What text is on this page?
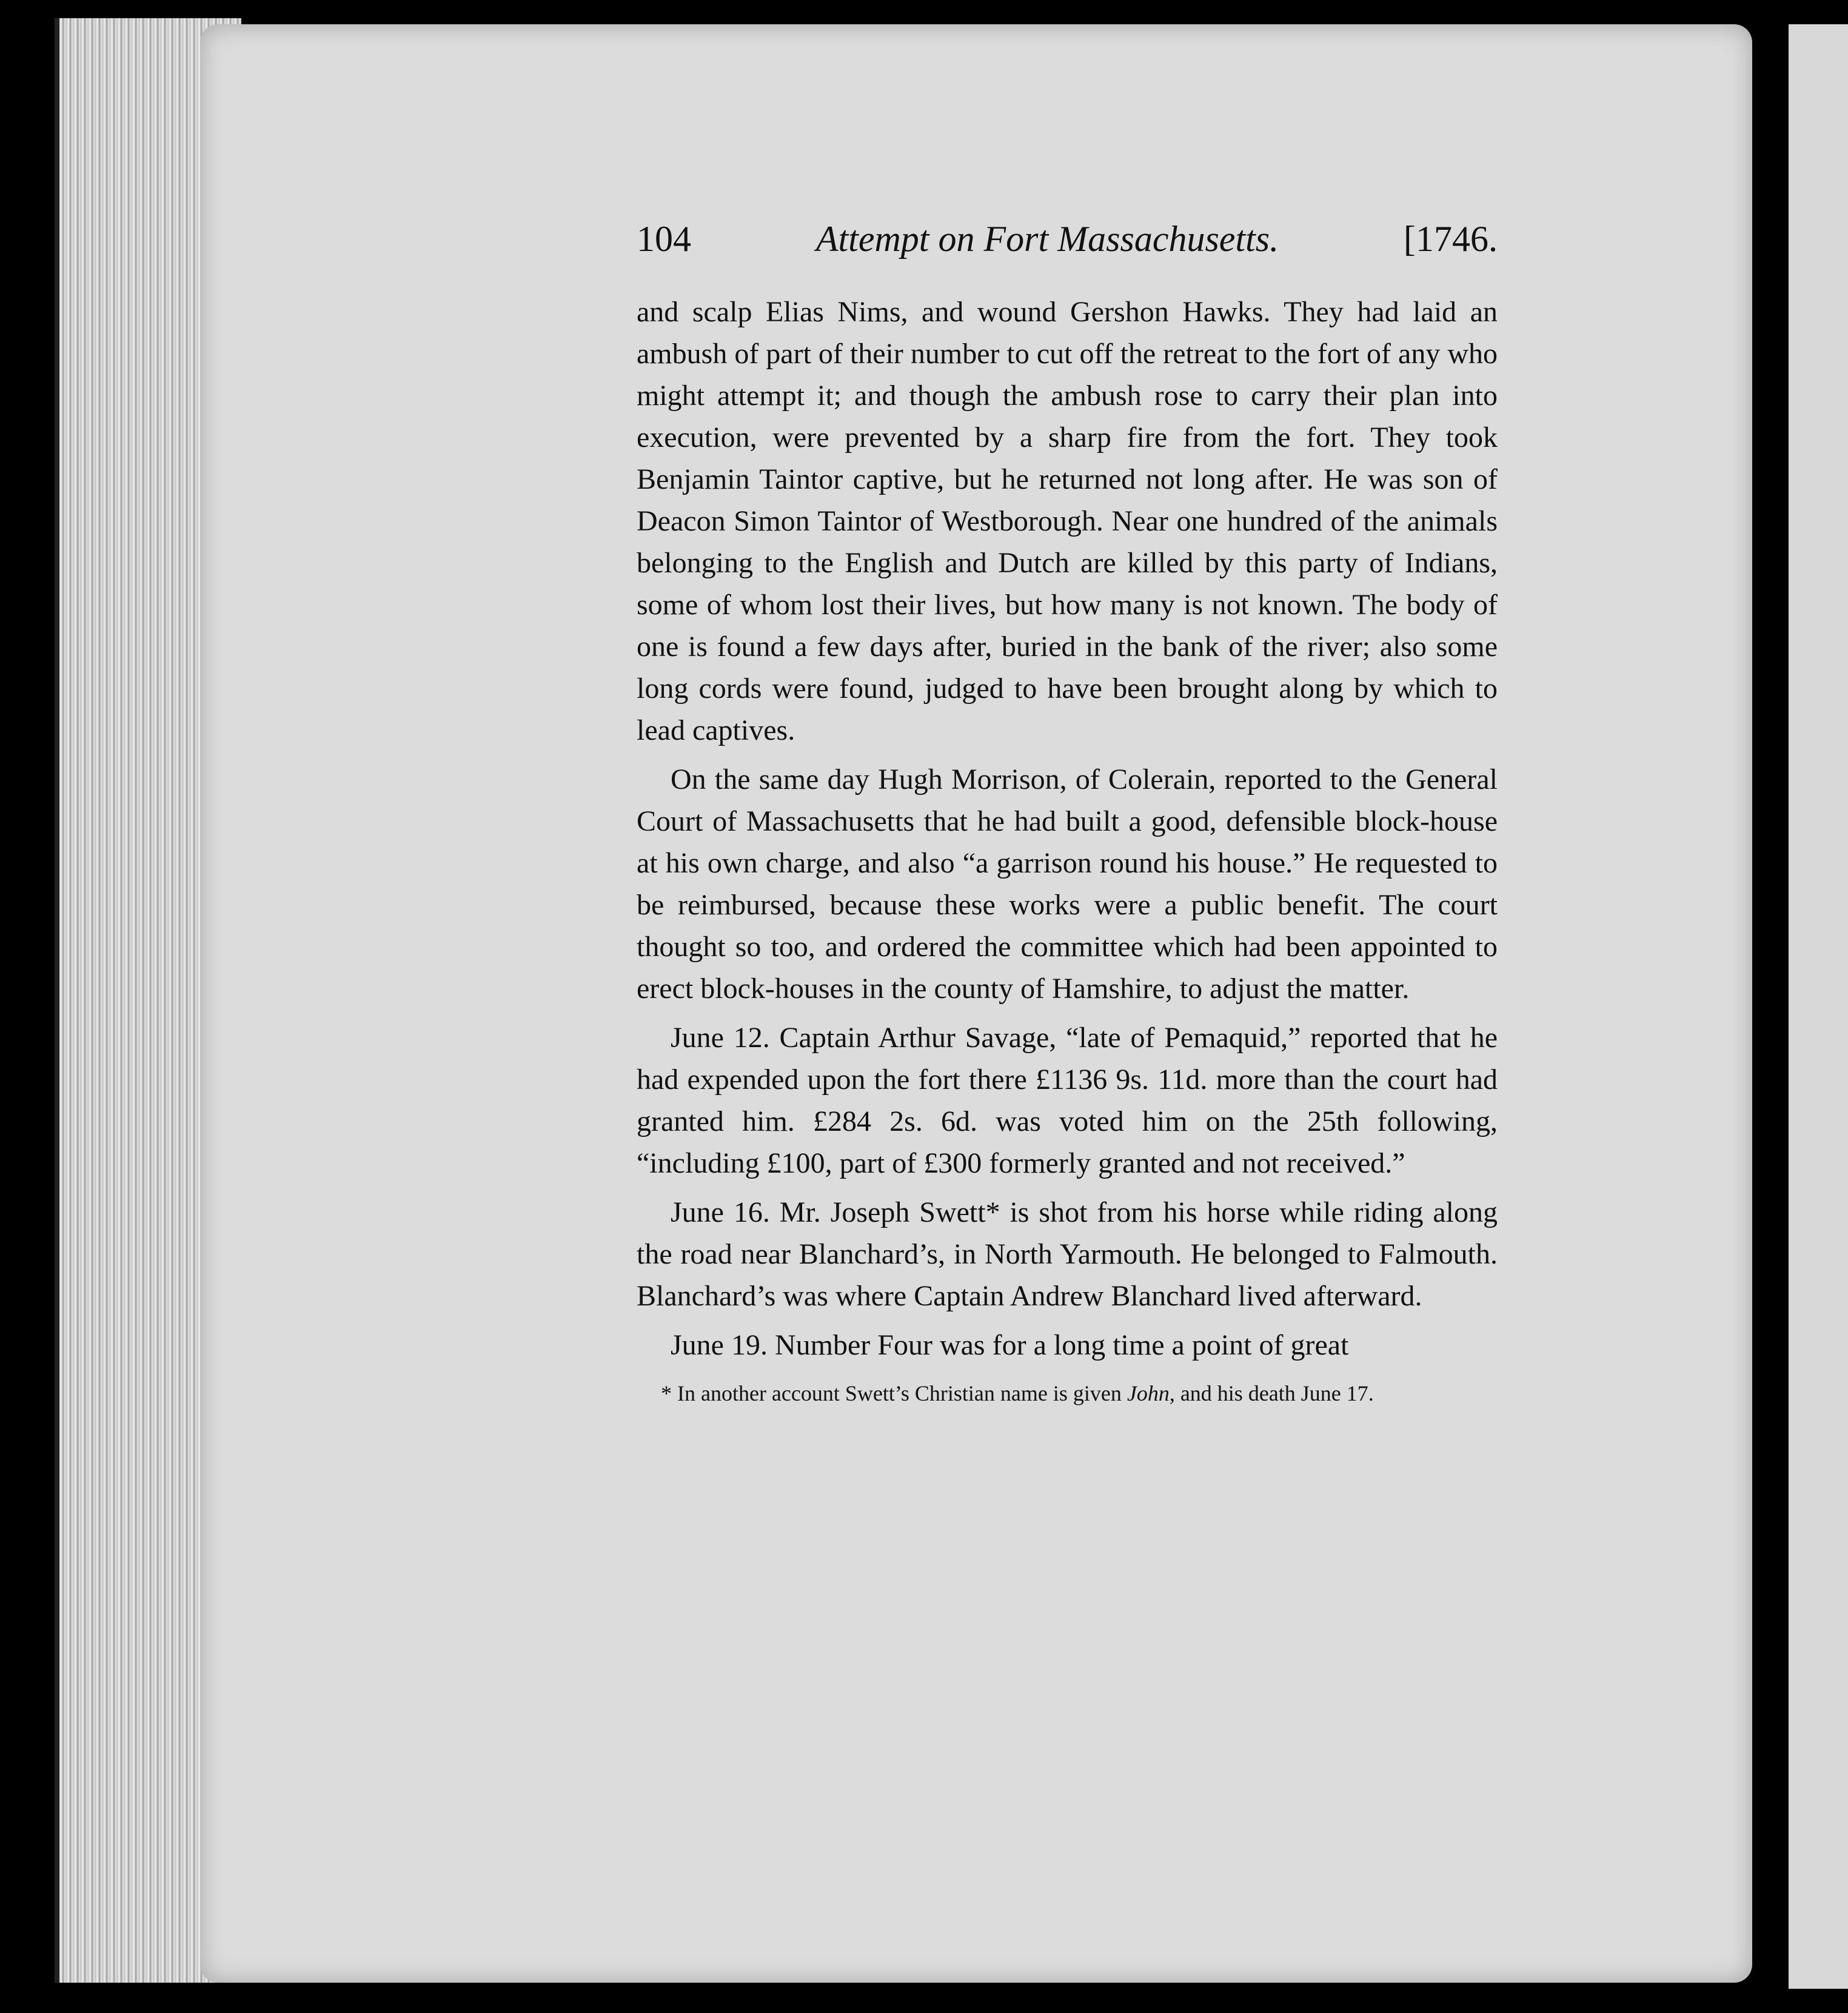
104	Attempt on Fort Massachusetts.	[1746.

and scalp Elias Nims, and wound Gershon Hawks. They had laid an ambush of part of their number to cut off the retreat to the fort of any who might attempt it; and though the ambush rose to carry their plan into execution, were prevented by a sharp fire from the fort. They took Benjamin Taintor captive, but he returned not long after. He was son of Deacon Simon Taintor of Westborough. Near one hundred of the animals belonging to the English and Dutch are killed by this party of Indians, some of whom lost their lives, but how many is not known. The body of one is found a few days after, buried in the bank of the river; also some long cords were found, judged to have been brought along by which to lead captives.

On the same day Hugh Morrison, of Colerain, reported to the General Court of Massachusetts that he had built a good, defensible block-house at his own charge, and also “a garrison round his house.” He requested to be reimbursed, because these works were a public benefit. The court thought so too, and ordered the committee which had been appointed to erect block-houses in the county of Hamshire, to adjust the matter.

June 12. Captain Arthur Savage, “late of Pemaquid,” reported that he had expended upon the fort there £1136 9s. 11d. more than the court had granted him. £284 2s. 6d. was voted him on the 25th following, “including £100, part of £300 formerly granted and not received.”

June 16. Mr. Joseph Swett* is shot from his horse while riding along the road near Blanchard’s, in North Yarmouth. He belonged to Falmouth. Blanchard’s was where Captain Andrew Blanchard lived afterward.

June 19. Number Four was for a long time a point of great

* In another account Swett’s Christian name is given John, and his death June 17.
